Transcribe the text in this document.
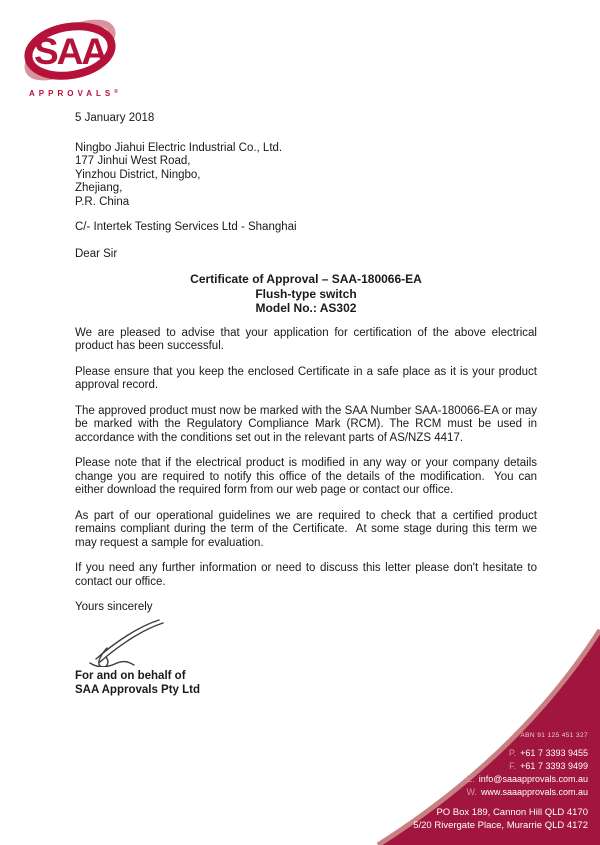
SAA
APPROVALS®
5 January 2018
Ningbo Jiahui Electric Industrial Co., Ltd.
177 Jinhui West Road,
Yinzhou District, Ningbo,
Zhejiang,
P.R. China
C/- Intertek Testing Services Ltd - Shanghai
Dear Sir
Certificate of Approval – SAA-180066-EA
Flush-type switch
Model No.: AS302

We are pleased to advise that your application for certification of the above electrical product has been successful.

Please ensure that you keep the enclosed Certificate in a safe place as it is your product approval record.

The approved product must now be marked with the SAA Number SAA-180066-EA or may be marked with the Regulatory Compliance Mark (RCM). The RCM must be used in accordance with the conditions set out in the relevant parts of AS/NZS 4417.

Please note that if the electrical product is modified in any way or your company details change you are required to notify this office of the details of the modification.  You can either download the required form from our web page or contact our office.

As part of our operational guidelines we are required to check that a certified product remains compliant during the term of the Certificate.  At some stage during this term we may request a sample for evaluation.

If you need any further information or need to discuss this letter please don't hesitate to contact our office.

Yours sincerely
For and on behalf of
SAA Approvals Pty Ltd
ABN 91 125 451 327
P. +61 7 3393 9455
F. +61 7 3393 9499
E. info@saaapprovals.com.au
W. www.saaapprovals.com.au
PO Box 189, Cannon Hill QLD 4170
5/20 Rivergate Place, Murarrie QLD 4172
